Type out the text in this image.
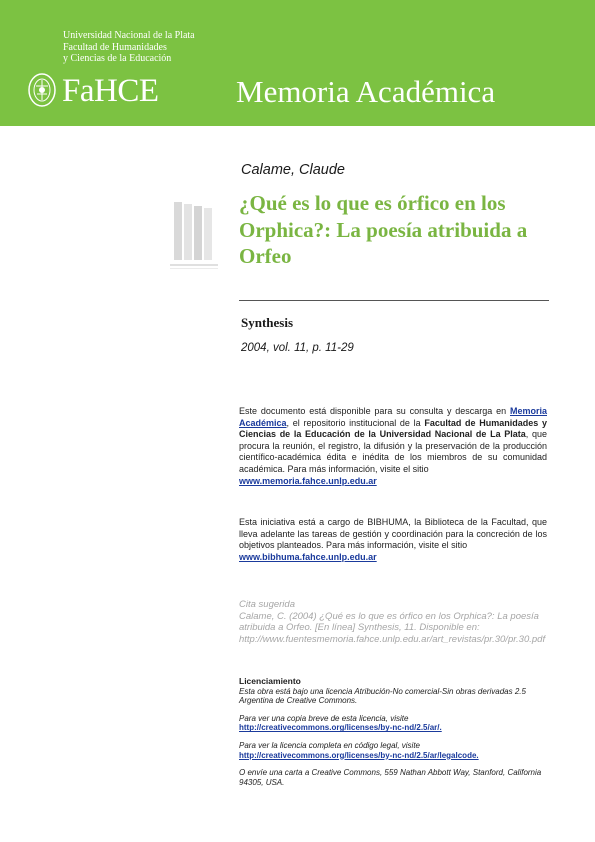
Universidad Nacional de la Plata
Facultad de Humanidades
y Ciencias de la Educación
FaHCE	Memoria Académica
Calame, Claude
¿Qué es lo que es órfico en los Orphica?: La poesía atribuida a Orfeo
Synthesis
2004, vol. 11, p. 11-29
Este documento está disponible para su consulta y descarga en Memoria Académica, el repositorio institucional de la Facultad de Humanidades y Ciencias de la Educación de la Universidad Nacional de La Plata, que procura la reunión, el registro, la difusión y la preservación de la producción científico-académica édita e inédita de los miembros de su comunidad académica. Para más información, visite el sitio
www.memoria.fahce.unlp.edu.ar
Esta iniciativa está a cargo de BIBHUMA, la Biblioteca de la Facultad, que lleva adelante las tareas de gestión y coordinación para la concreción de los objetivos planteados. Para más información, visite el sitio
www.bibhuma.fahce.unlp.edu.ar
Cita sugerida
Calame, C. (2004) ¿Qué es lo que es órfico en los Orphica?: La poesía atribuida a Orfeo. [En línea] Synthesis, 11. Disponible en: http://www.fuentesmemoria.fahce.unlp.edu.ar/art_revistas/pr.30/pr.30.pdf
Licenciamiento
Esta obra está bajo una licencia Atribución-No comercial-Sin obras derivadas 2.5 Argentina de Creative Commons.
Para ver una copia breve de esta licencia, visite
http://creativecommons.org/licenses/by-nc-nd/2.5/ar/.
Para ver la licencia completa en código legal, visite
http://creativecommons.org/licenses/by-nc-nd/2.5/ar/legalcode.
O envíe una carta a Creative Commons, 559 Nathan Abbott Way, Stanford, California 94305, USA.
